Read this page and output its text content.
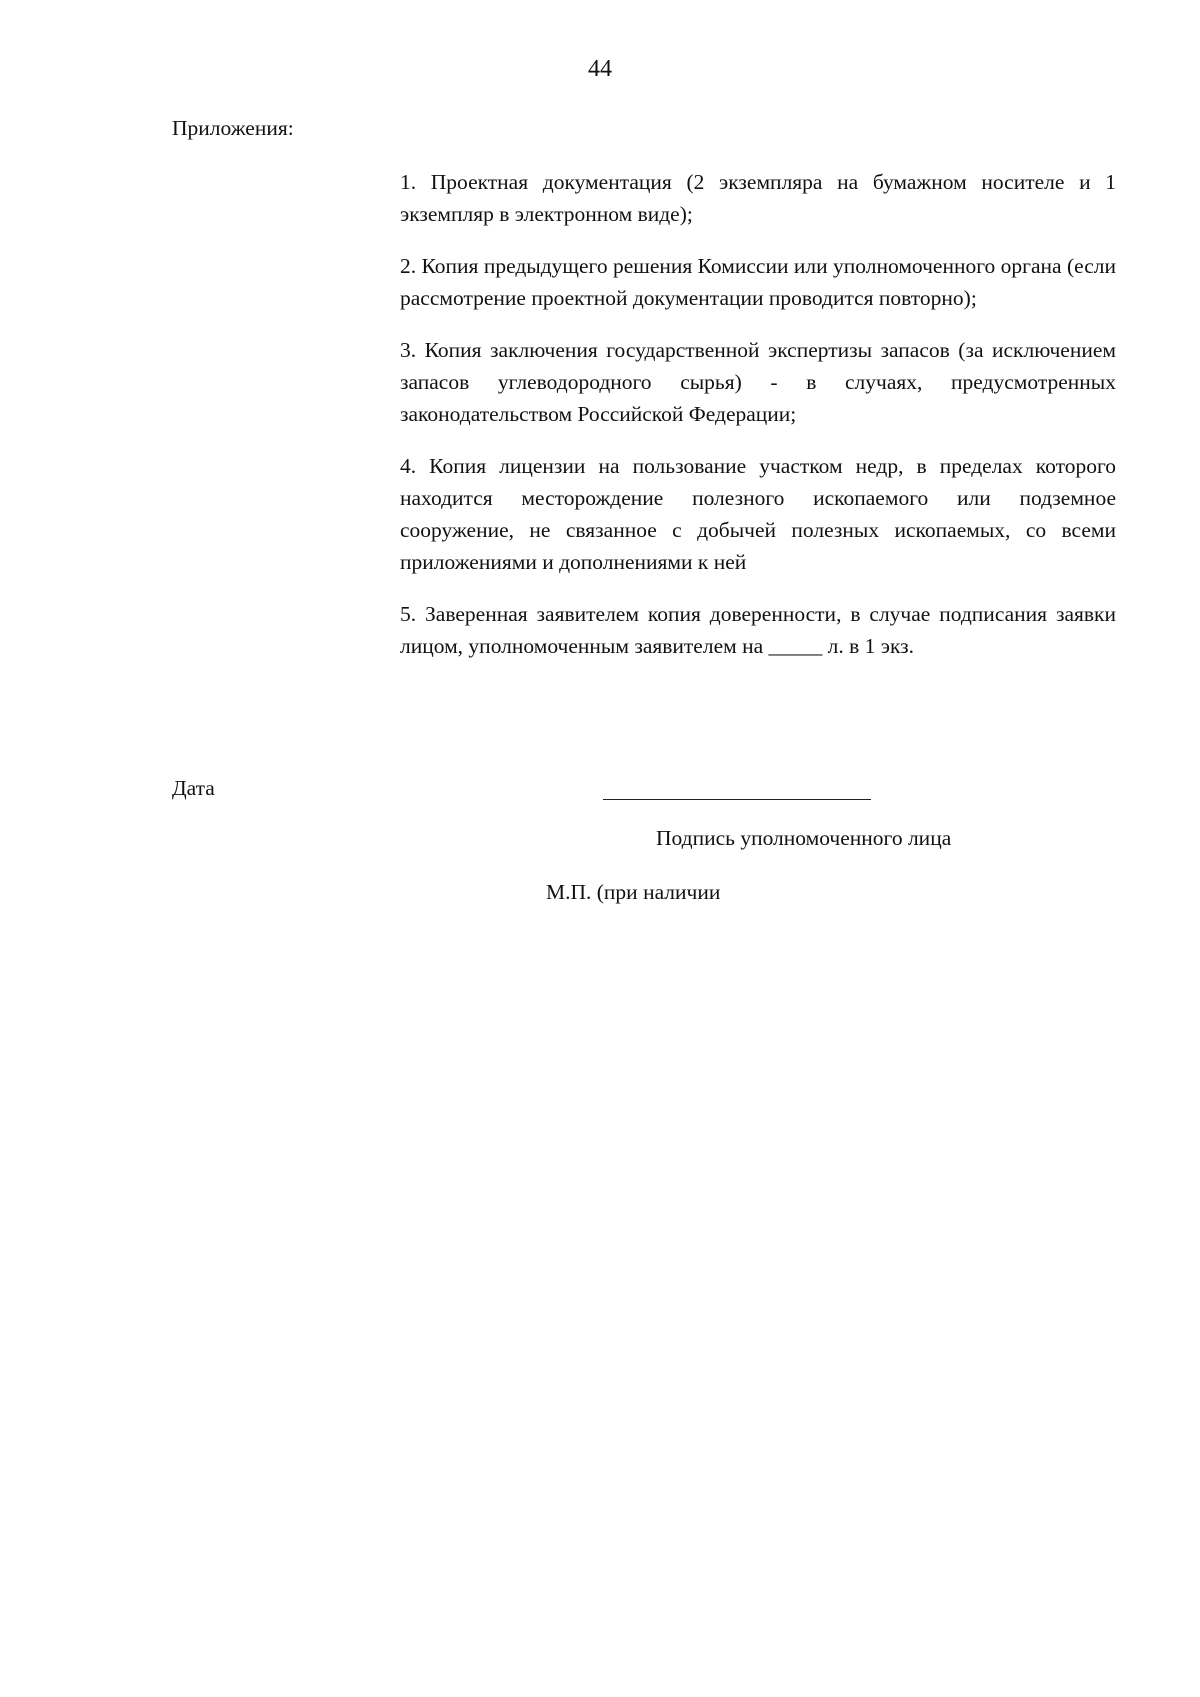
44
Приложения:
1. Проектная документация (2 экземпляра на бумажном носителе и 1 экземпляр в электронном виде);
2. Копия предыдущего решения Комиссии или уполномоченного органа (если рассмотрение проектной документации проводится повторно);
3. Копия заключения государственной экспертизы запасов (за исключением запасов углеводородного сырья) - в случаях, предусмотренных законодательством Российской Федерации;
4. Копия лицензии на пользование участком недр, в пределах которого находится месторождение полезного ископаемого или подземное сооружение, не связанное с добычей полезных ископаемых, со всеми приложениями и дополнениями к ней
5. Заверенная заявителем копия доверенности, в случае подписания заявки лицом, уполномоченным заявителем на _____ л. в 1 экз.
Дата
Подпись уполномоченного лица
М.П. (при наличии
